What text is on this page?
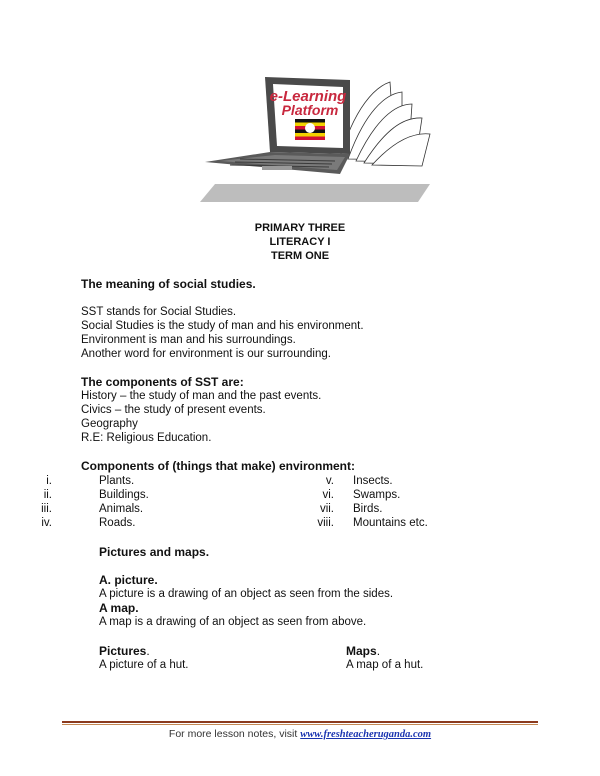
e-Learning
Platform
PRIMARY THREE
LITERACY I
TERM ONE
The meaning of social studies.
SST stands for Social Studies.
Social Studies is the study of man and his environment.
Environment is man and his surroundings.
Another word for environment is our surrounding.
The components of SST are:
History – the study of man and the past events.
Civics – the study of present events.
Geography
R.E: Religious Education.
Components of (things that make) environment:
i.	Plants.
ii.	Buildings.
iii.	Animals.
iv.	Roads.
v. Insects.
vi. Swamps.
vii. Birds.
viii. Mountains etc.
Pictures and maps.
A. picture.
A picture is a drawing of an object as seen from the sides.
A map.
A map is a drawing of an object as seen from above.
Pictures.
A picture of a hut.
Maps.
A map of a hut.
For more lesson notes, visit www.freshteacheruganda.com
